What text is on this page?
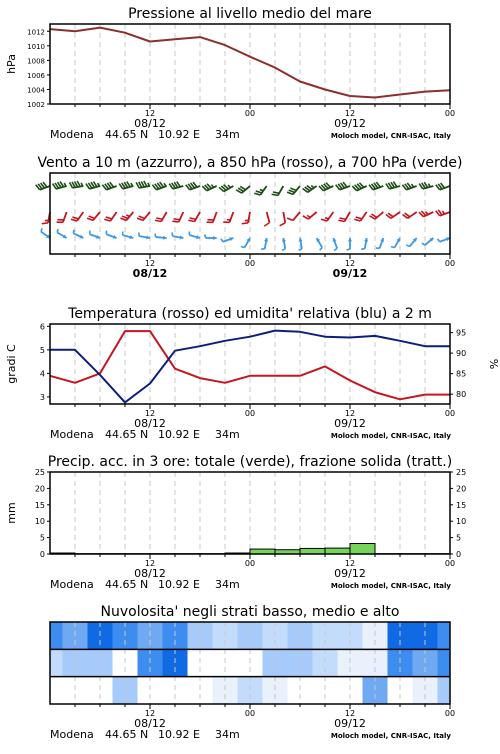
Pressione al livello medio del mare
1002
1004
1006
1008
1010
1012
hPa
12
08/12
00	12
09/12
00
Modena 44.65 N 10.92 E 34m	Moloch model, CNR-ISAC, Italy
Vento a 10 m (azzurro), a 850 hPa (rosso), a 700 hPa (verde)
12
08/12
00	12
09/12
00
Temperatura (rosso) ed umidita' relativa (blu) a 2 m
3
4
5
6
80
85
90
95
gradi C	%
12
08/12
00	12
09/12
00
Modena 44.65 N 10.92 E 34m	Moloch model, CNR-ISAC, Italy
Precip. acc. in 3 ore: totale (verde), frazione solida (tratt.)
0
5
10
15
20
25
0
5
10
15
20
25
mm
12
08/12
00	12
09/12
00
Modena 44.65 N 10.92 E 34m	Moloch model, CNR-ISAC, Italy
Nuvolosita' negli strati basso, medio e alto
12
08/12
00	12
09/12
00
Modena 44.65 N 10.92 E 34m	Moloch model, CNR-ISAC, Italy
